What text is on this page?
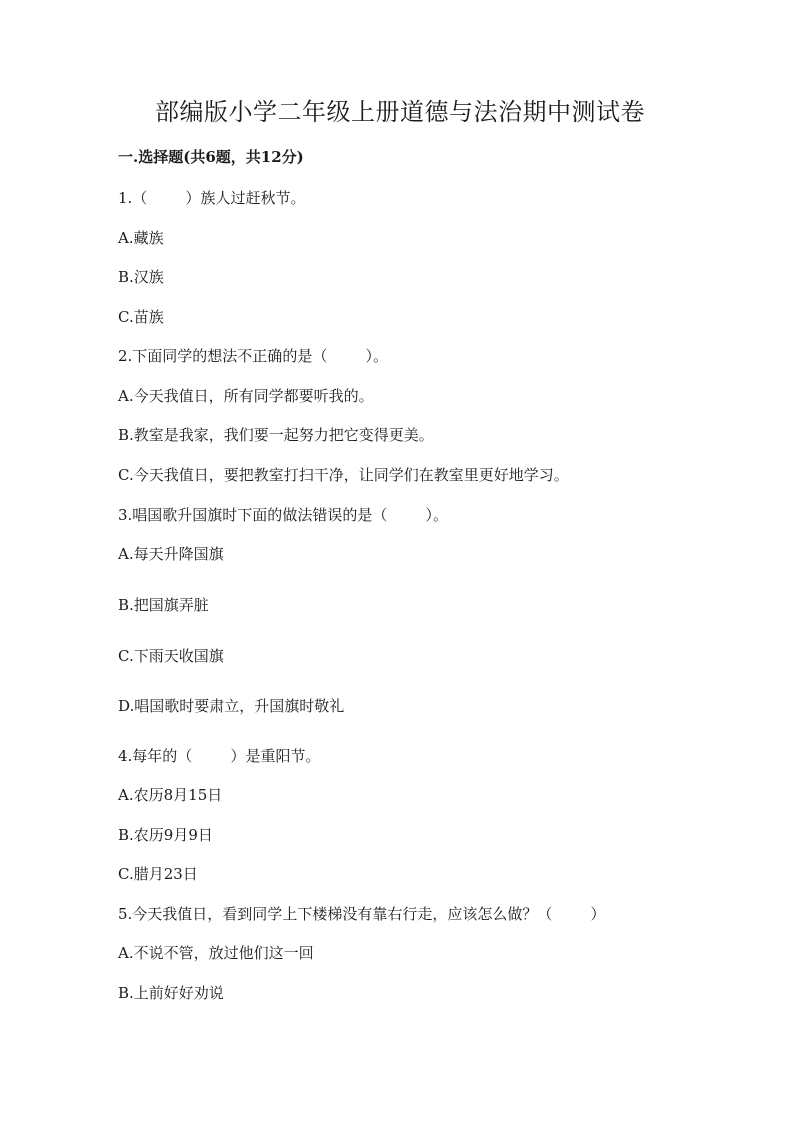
部编版小学二年级上册道德与法治期中测试卷
一.选择题(共6题，共12分)
1.（        ）族人过赶秋节。
A.藏族
B.汉族
C.苗族
2.下面同学的想法不正确的是（        ）。
A.今天我值日，所有同学都要听我的。
B.教室是我家，我们要一起努力把它变得更美。
C.今天我值日，要把教室打扫干净，让同学们在教室里更好地学习。
3.唱国歌升国旗时下面的做法错误的是（        ）。
A.每天升降国旗
B.把国旗弄脏
C.下雨天收国旗
D.唱国歌时要肃立，升国旗时敬礼
4.每年的（        ）是重阳节。
A.农历8月15日
B.农历9月9日
C.腊月23日
5.今天我值日，看到同学上下楼梯没有靠右行走，应该怎么做？（        ）
A.不说不管，放过他们这一回
B.上前好好劝说
